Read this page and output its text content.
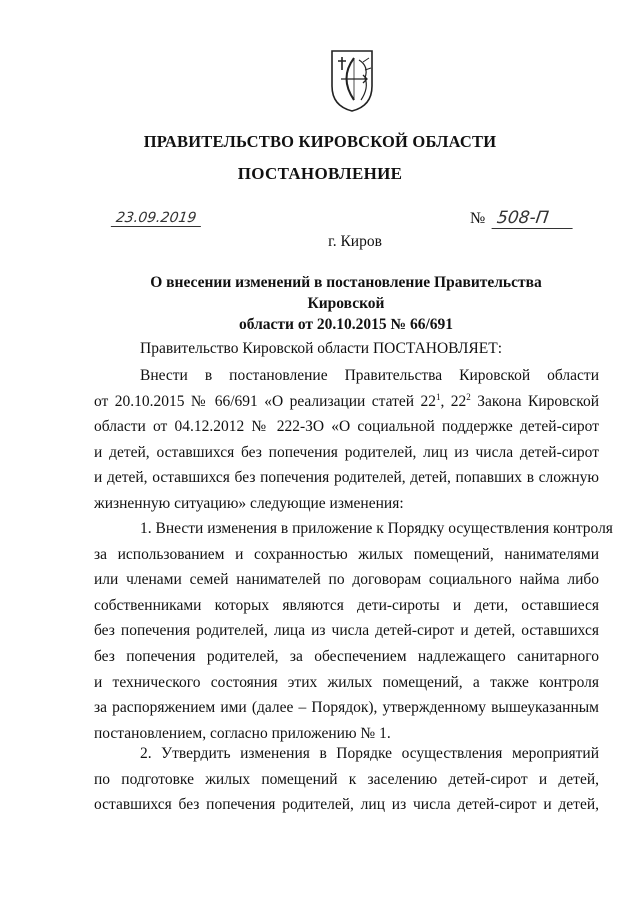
ПРАВИТЕЛЬСТВО КИРОВСКОЙ ОБЛАСТИ
ПОСТАНОВЛЕНИЕ
23.09.2019	№ 508-П
г. Киров
О внесении изменений в постановление Правительства Кировской
области от 20.10.2015 № 66/691
Правительство Кировской области ПОСТАНОВЛЯЕТ:
Внести в постановление Правительства Кировской области
от 20.10.2015 № 66/691 «О реализации статей $22^1$, $22^2$ Закона Кировской
области от 04.12.2012 № 222-ЗО «О социальной поддержке детей-сирот
и детей, оставшихся без попечения родителей, лиц из числа детей-сирот
и детей, оставшихся без попечения родителей, детей, попавших в сложную
жизненную ситуацию» следующие изменения:
1. Внести изменения в приложение к Порядку осуществления контроля
за использованием и сохранностью жилых помещений, нанимателями
или членами семей нанимателей по договорам социального найма либо
собственниками которых являются дети-сироты и дети, оставшиеся
без попечения родителей, лица из числа детей-сирот и детей, оставшихся
без попечения родителей, за обеспечением надлежащего санитарного
и технического состояния этих жилых помещений, а также контроля
за распоряжением ими (далее – Порядок), утвержденному вышеуказанным
постановлением, согласно приложению № 1.
2. Утвердить изменения в Порядке осуществления мероприятий
по подготовке жилых помещений к заселению детей-сирот и детей,
оставшихся без попечения родителей, лиц из числа детей-сирот и детей,
